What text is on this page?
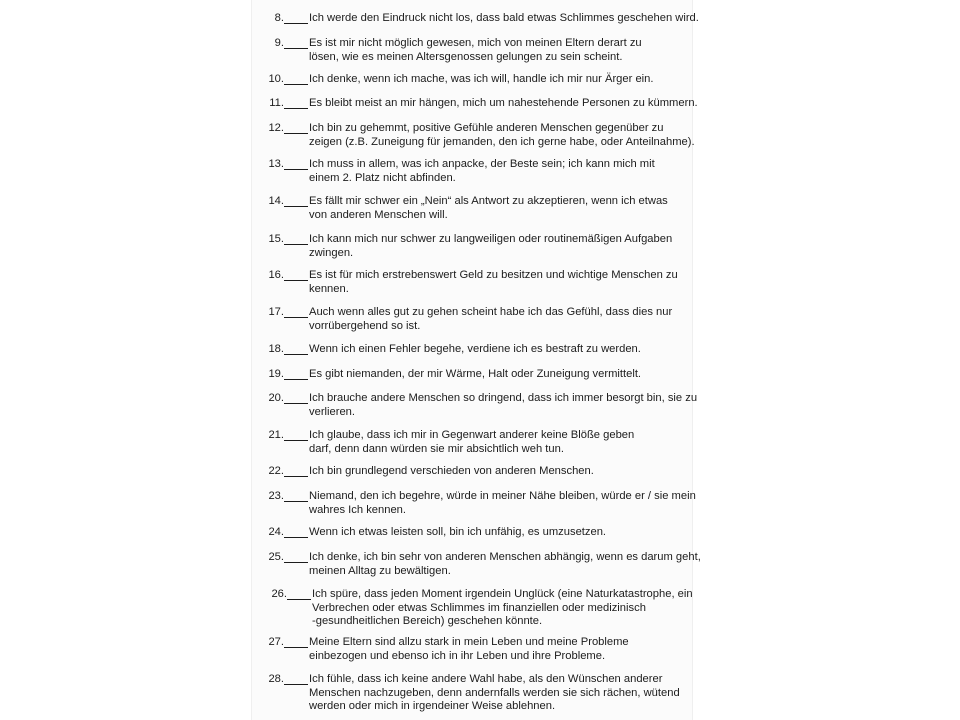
8. Ich werde den Eindruck nicht los, dass bald etwas Schlimmes geschehen wird.
9. Es ist mir nicht möglich gewesen, mich von meinen Eltern derart zu
lösen, wie es meinen Altersgenossen gelungen zu sein scheint.
10. Ich denke, wenn ich mache, was ich will, handle ich mir nur Ärger ein.
11. Es bleibt meist an mir hängen, mich um nahestehende Personen zu kümmern.
12. Ich bin zu gehemmt, positive Gefühle anderen Menschen gegenüber zu
zeigen (z.B. Zuneigung für jemanden, den ich gerne habe, oder Anteilnahme).
13. Ich muss in allem, was ich anpacke, der Beste sein; ich kann mich mit
einem 2. Platz nicht abfinden.
14. Es fällt mir schwer ein „Nein“ als Antwort zu akzeptieren, wenn ich etwas
von anderen Menschen will.
15. Ich kann mich nur schwer zu langweiligen oder routinemäßigen Aufgaben
zwingen.
16. Es ist für mich erstrebenswert Geld zu besitzen und wichtige Menschen zu
kennen.
17. Auch wenn alles gut zu gehen scheint habe ich das Gefühl, dass dies nur
vorrübergehend so ist.
18. Wenn ich einen Fehler begehe, verdiene ich es bestraft zu werden.
19. Es gibt niemanden, der mir Wärme, Halt oder Zuneigung vermittelt.
20. Ich brauche andere Menschen so dringend, dass ich immer besorgt bin, sie zu
verlieren.
21. Ich glaube, dass ich mir in Gegenwart anderer keine Blöße geben
darf, denn dann würden sie mir absichtlich weh tun.
22. Ich bin grundlegend verschieden von anderen Menschen.
23. Niemand, den ich begehre, würde in meiner Nähe bleiben, würde er / sie mein
wahres Ich kennen.
24. Wenn ich etwas leisten soll, bin ich unfähig, es umzusetzen.
25. Ich denke, ich bin sehr von anderen Menschen abhängig, wenn es darum geht,
meinen Alltag zu bewältigen.
26. Ich spüre, dass jeden Moment irgendein Unglück (eine Naturkatastrophe, ein
Verbrechen oder etwas Schlimmes im finanziellen oder medizinisch
-gesundheitlichen Bereich) geschehen könnte.
27. Meine Eltern sind allzu stark in mein Leben und meine Probleme
einbezogen und ebenso ich in ihr Leben und ihre Probleme.
28. Ich fühle, dass ich keine andere Wahl habe, als den Wünschen anderer
Menschen nachzugeben, denn andernfalls werden sie sich rächen, wütend
werden oder mich in irgendeiner Weise ablehnen.
